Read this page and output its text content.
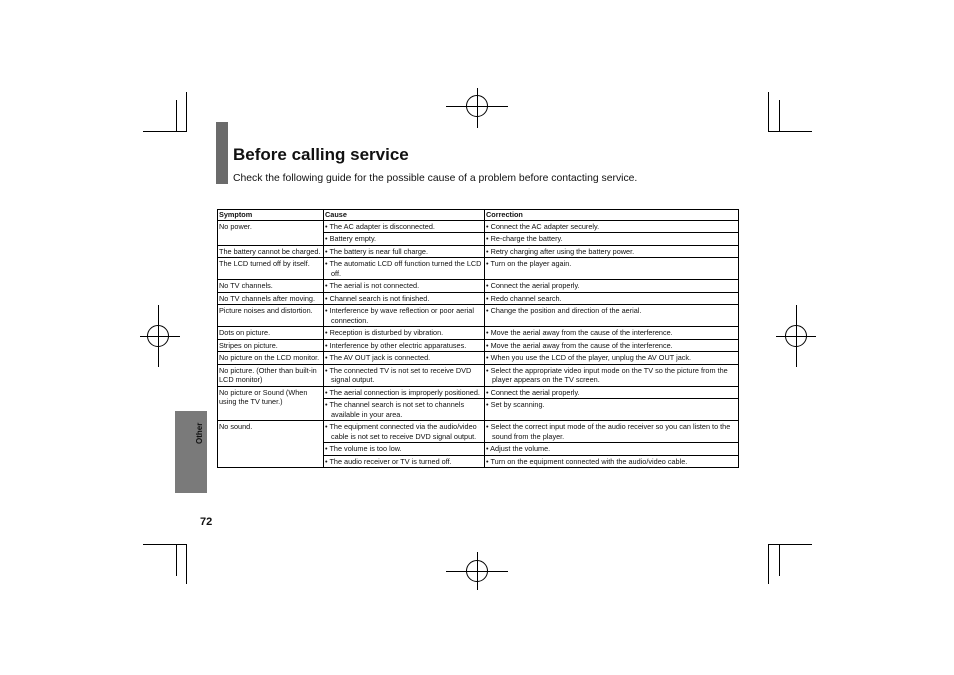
Before calling service

Check the following guide for the possible cause of a problem before contacting service.

Symptom	Cause	Correction
No power.	• The AC adapter is disconnected.	• Connect the AC adapter securely.
	• Battery empty.	• Re-charge the battery.
The battery cannot be charged.	• The battery is near full charge.	• Retry charging after using the battery power.
The LCD turned off by itself.	• The automatic LCD off function turned the LCD off.	• Turn on the player again.
No TV channels.	• The aerial is not connected.	• Connect the aerial properly.
No TV channels after moving.	• Channel search is not finished.	• Redo channel search.
Picture noises and distortion.	• Interference by wave reflection or poor aerial connection.	• Change the position and direction of the aerial.
Dots on picture.	• Reception is disturbed by vibration.	• Move the aerial away from the cause of the interference.
Stripes on picture.	• Interference by other electric apparatuses.	• Move the aerial away from the cause of the interference.
No picture on the LCD monitor.	• The AV OUT jack is connected.	• When you use the LCD of the player, unplug the AV OUT jack.
No picture. (Other than built-in LCD monitor)	• The connected TV is not set to receive DVD signal output.	• Select the appropriate video input mode on the TV so the picture from the player appears on the TV screen.
No picture or Sound (When using the TV tuner.)	• The aerial connection is improperly positioned.	• Connect the aerial properly.
	• The channel search is not set to channels available in your area.	• Set by scanning.
No sound.	• The equipment connected via the audio/video cable is not set to receive DVD signal output.	• Select the correct input mode of the audio receiver so you can listen to the sound from the player.
	• The volume is too low.	• Adjust the volume.
	• The audio receiver or TV is turned off.	• Turn on the equipment connected with the audio/video cable.
Other
72
